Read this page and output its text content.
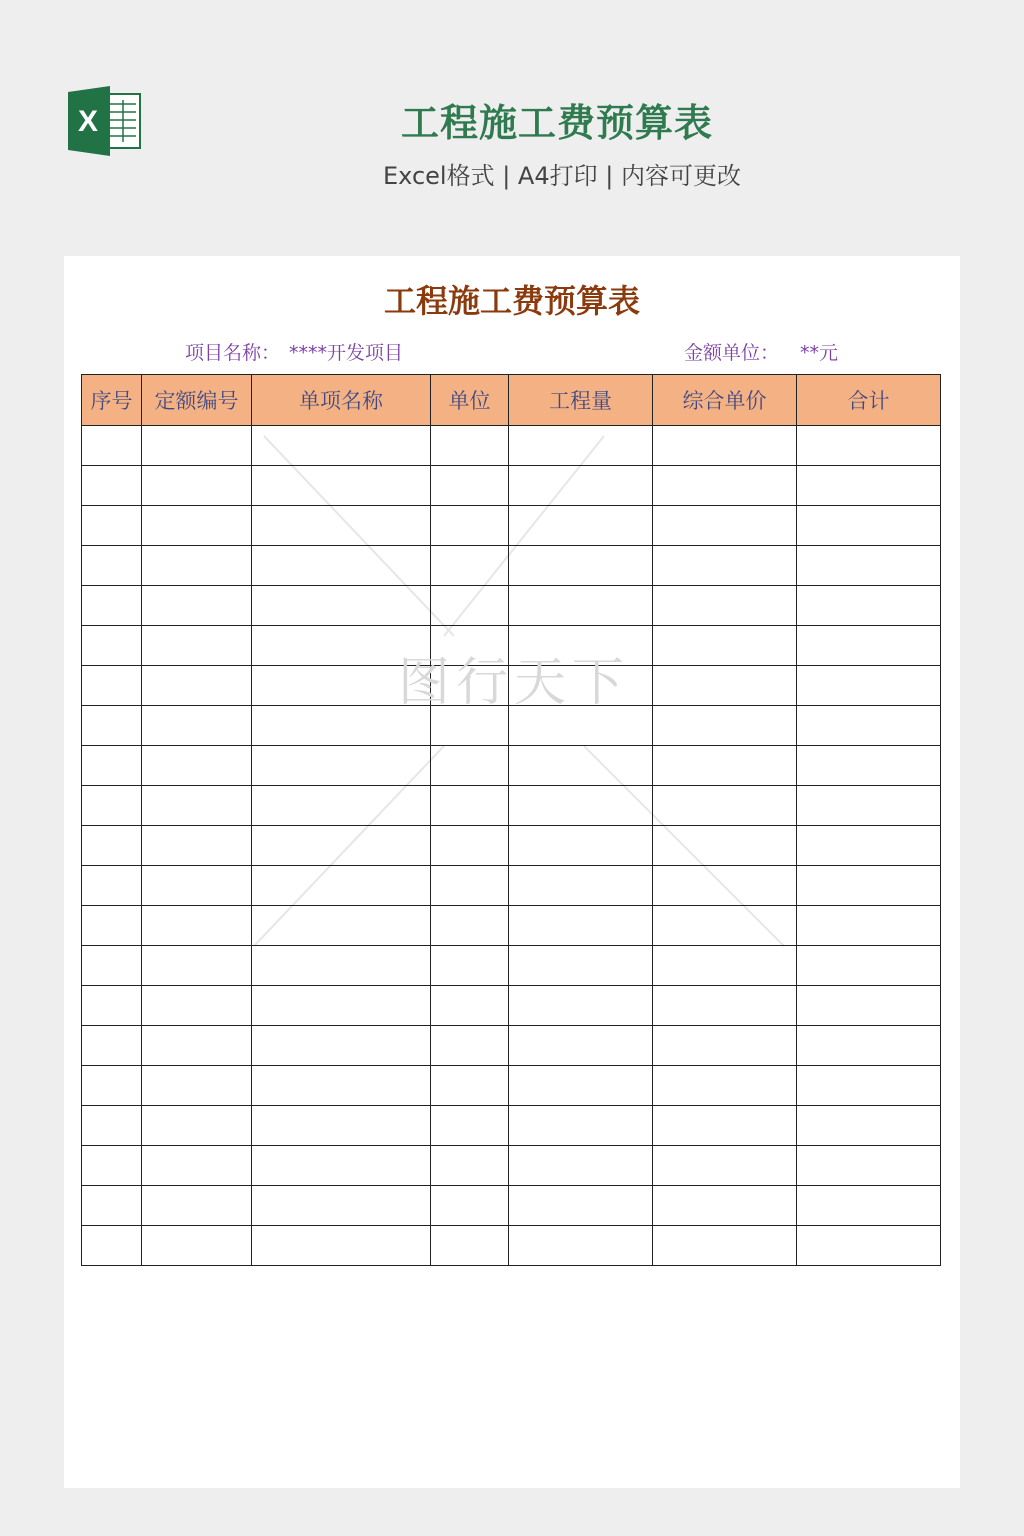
X	工程施工费预算表
Excel格式 | A4打印 | 内容可更改
工程施工费预算表
项目名称： ****开发项目	金额单位： **元
序号	定额编号	单项名称	单位	工程量	综合单价	合计

图行天下
